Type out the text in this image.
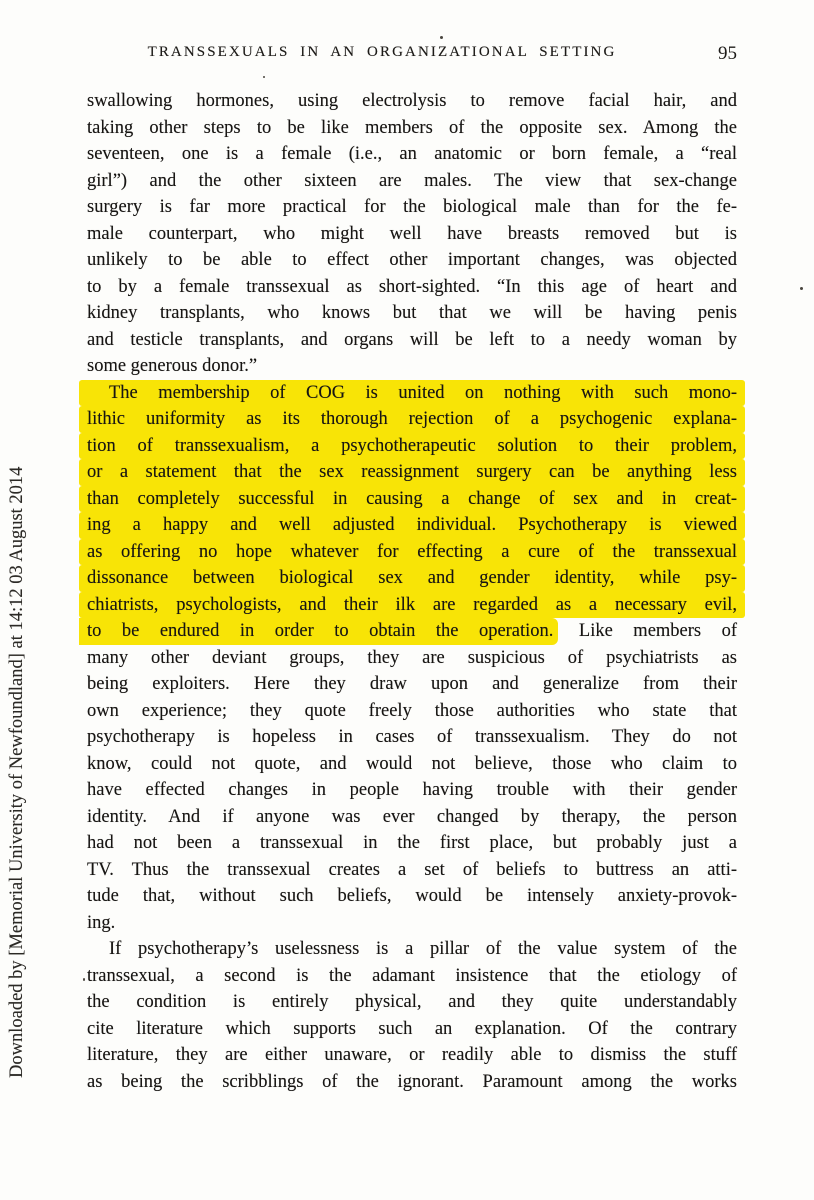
TRANSSEXUALS IN AN ORGANIZATIONAL SETTING	95
swallowing hormones, using electrolysis to remove facial hair, and
taking other steps to be like members of the opposite sex. Among the
seventeen, one is a female (i.e., an anatomic or born female, a “real
girl”) and the other sixteen are males. The view that sex-change
surgery is far more practical for the biological male than for the fe-
male counterpart, who might well have breasts removed but is
unlikely to be able to effect other important changes, was objected
to by a female transsexual as short-sighted. “In this age of heart and
kidney transplants, who knows but that we will be having penis
and testicle transplants, and organs will be left to a needy woman by
some generous donor.”
The membership of COG is united on nothing with such mono-
lithic uniformity as its thorough rejection of a psychogenic explana-
tion of transsexualism, a psychotherapeutic solution to their problem,
or a statement that the sex reassignment surgery can be anything less
than completely successful in causing a change of sex and in creat-
ing a happy and well adjusted individual. Psychotherapy is viewed
as offering no hope whatever for effecting a cure of the transsexual
dissonance between biological sex and gender identity, while psy-
chiatrists, psychologists, and their ilk are regarded as a necessary evil,
to be endured in order to obtain the operation. Like members of
many other deviant groups, they are suspicious of psychiatrists as
being exploiters. Here they draw upon and generalize from their
own experience; they quote freely those authorities who state that
psychotherapy is hopeless in cases of transsexualism. They do not
know, could not quote, and would not believe, those who claim to
have effected changes in people having trouble with their gender
identity. And if anyone was ever changed by therapy, the person
had not been a transsexual in the first place, but probably just a
TV. Thus the transsexual creates a set of beliefs to buttress an atti-
tude that, without such beliefs, would be intensely anxiety-provok-
ing.
If psychotherapy’s uselessness is a pillar of the value system of the
transsexual, a second is the adamant insistence that the etiology of
the condition is entirely physical, and they quite understandably
cite literature which supports such an explanation. Of the contrary
literature, they are either unaware, or readily able to dismiss the stuff
as being the scribblings of the ignorant. Paramount among the works
Downloaded by [Memorial University of Newfoundland] at 14:12 03 August 2014
